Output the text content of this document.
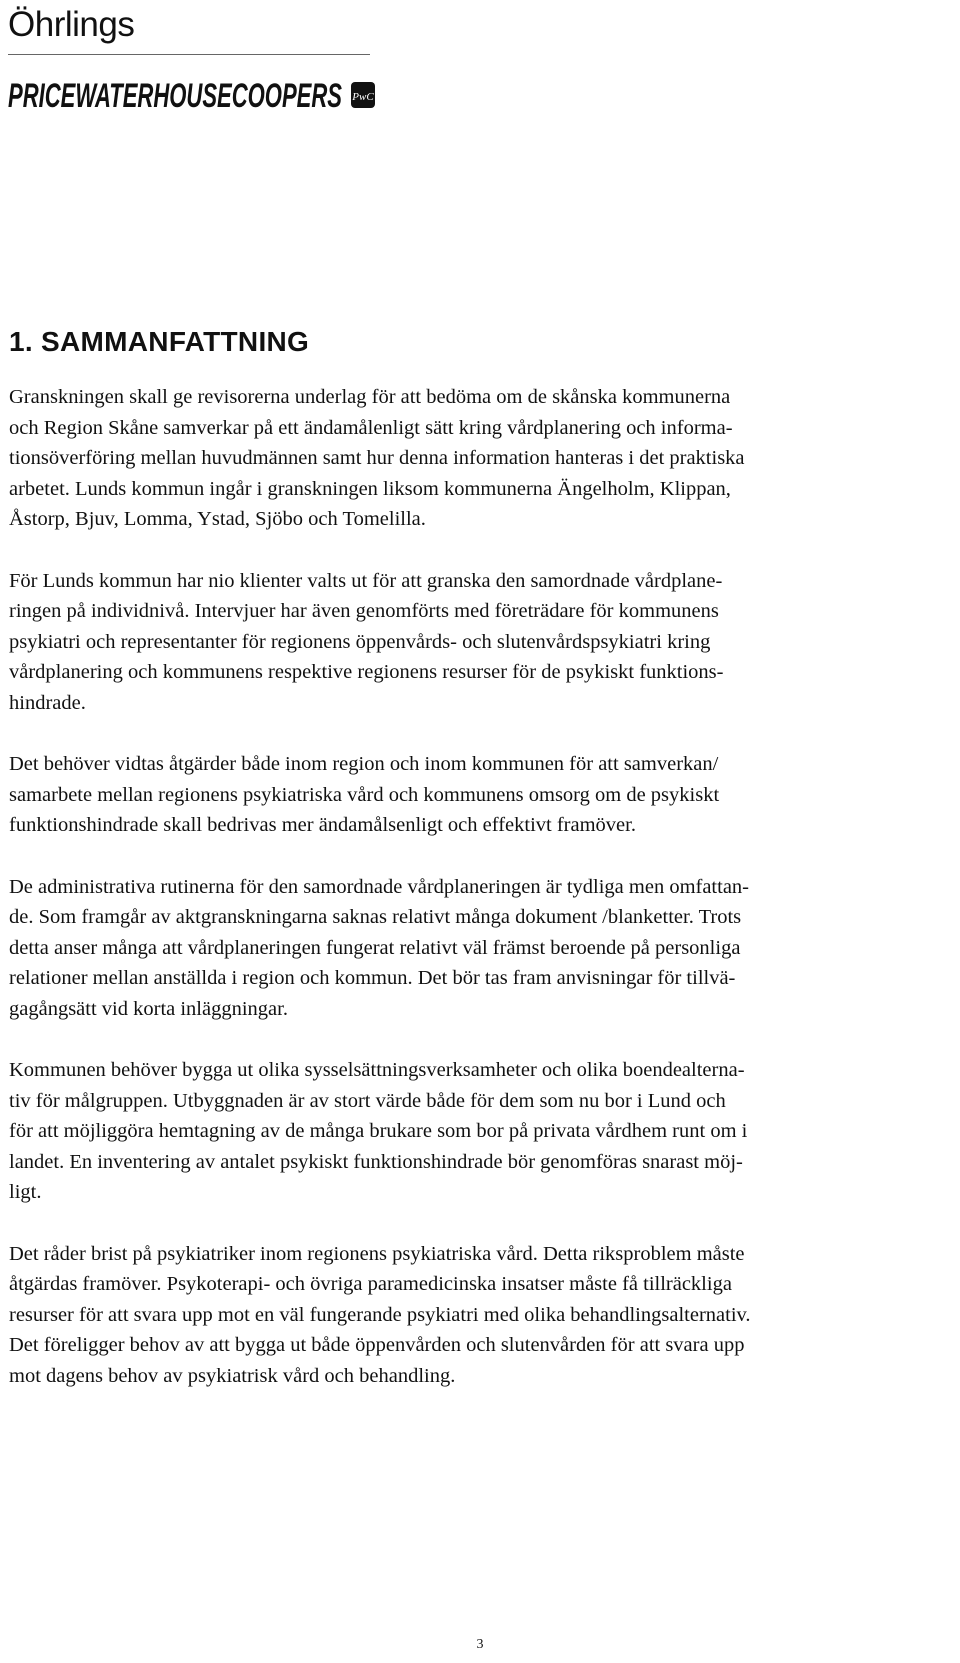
Öhrlings
PRICEWATERHOUSECOOPERS PwC
1. SAMMANFATTNING

Granskningen skall ge revisorerna underlag för att bedöma om de skånska kommunerna
och Region Skåne samverkar på ett ändamålenligt sätt kring vårdplanering och informa-
tionsöverföring mellan huvudmännen samt hur denna information hanteras i det praktiska
arbetet. Lunds kommun ingår i granskningen liksom kommunerna Ängelholm, Klippan,
Åstorp, Bjuv, Lomma, Ystad, Sjöbo och Tomelilla.

För Lunds kommun har nio klienter valts ut för att granska den samordnade vårdplane-
ringen på individnivå. Intervjuer har även genomförts med företrädare för kommunens
psykiatri och representanter för regionens öppenvårds- och slutenvårdspsykiatri kring
vårdplanering och kommunens respektive regionens resurser för de psykiskt funktions-
hindrade.

Det behöver vidtas åtgärder både inom region och inom kommunen för att samverkan/
samarbete mellan regionens psykiatriska vård och kommunens omsorg om de psykiskt
funktionshindrade skall bedrivas mer ändamålsenligt och effektivt framöver.

De administrativa rutinerna för den samordnade vårdplaneringen är tydliga men omfattan-
de. Som framgår av aktgranskningarna saknas relativt många dokument /blanketter. Trots
detta anser många att vårdplaneringen fungerat relativt väl främst beroende på personliga
relationer mellan anställda i region och kommun. Det bör tas fram anvisningar för tillvä-
gagångsätt vid korta inläggningar.

Kommunen behöver bygga ut olika sysselsättningsverksamheter och olika boendealterna-
tiv för målgruppen. Utbyggnaden är av stort värde både för dem som nu bor i Lund och
för att möjliggöra hemtagning av de många brukare som bor på privata vårdhem runt om i
landet. En inventering av antalet psykiskt funktionshindrade bör genomföras snarast möj-
ligt.

Det råder brist på psykiatriker inom regionens psykiatriska vård. Detta riksproblem måste
åtgärdas framöver. Psykoterapi- och övriga paramedicinska insatser måste få tillräckliga
resurser för att svara upp mot en väl fungerande psykiatri med olika behandlingsalternativ.
Det föreligger behov av att bygga ut både öppenvården och slutenvården för att svara upp
mot dagens behov av psykiatrisk vård och behandling.

3
